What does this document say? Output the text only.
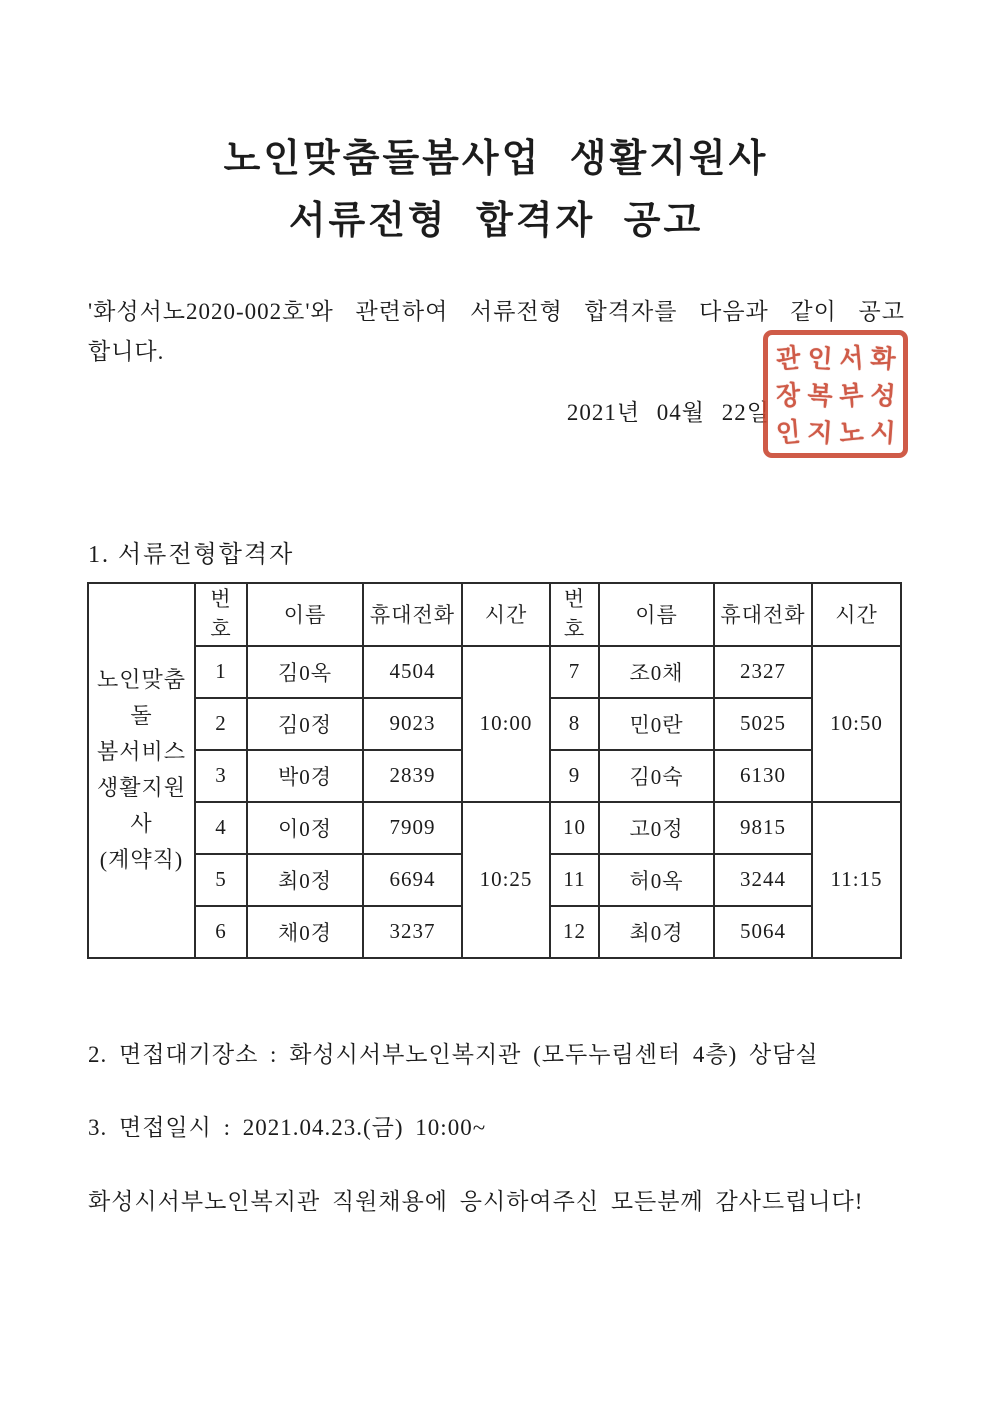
노인맞춤돌봄사업 생활지원사
서류전형 합격자 공고
'화성서노2020-002호'와 관련하여 서류전형 합격자를 다음과 같이 공고
합니다.
2021년 04월 22일
관 인 서 화
장 복 부 성
인 지 노 시
1. 서류전형합격자
노인맞춤돌
봄서비스
생활지원사
(계약직)	번호	이름	휴대전화	시간	번호	이름	휴대전화	시간
	1	김0옥	4504	10:00	7	조0채	2327	10:50
	2	김0정	9023		8	민0란	5025	
	3	박0경	2839		9	김0숙	6130	
	4	이0정	7909	10:25	10	고0정	9815	11:15
	5	최0정	6694		11	허0옥	3244	
	6	채0경	3237		12	최0경	5064	
2. 면접대기장소 : 화성시서부노인복지관 (모두누림센터 4층) 상담실
3. 면접일시 : 2021.04.23.(금) 10:00~
화성시서부노인복지관 직원채용에 응시하여주신 모든분께 감사드립니다!
